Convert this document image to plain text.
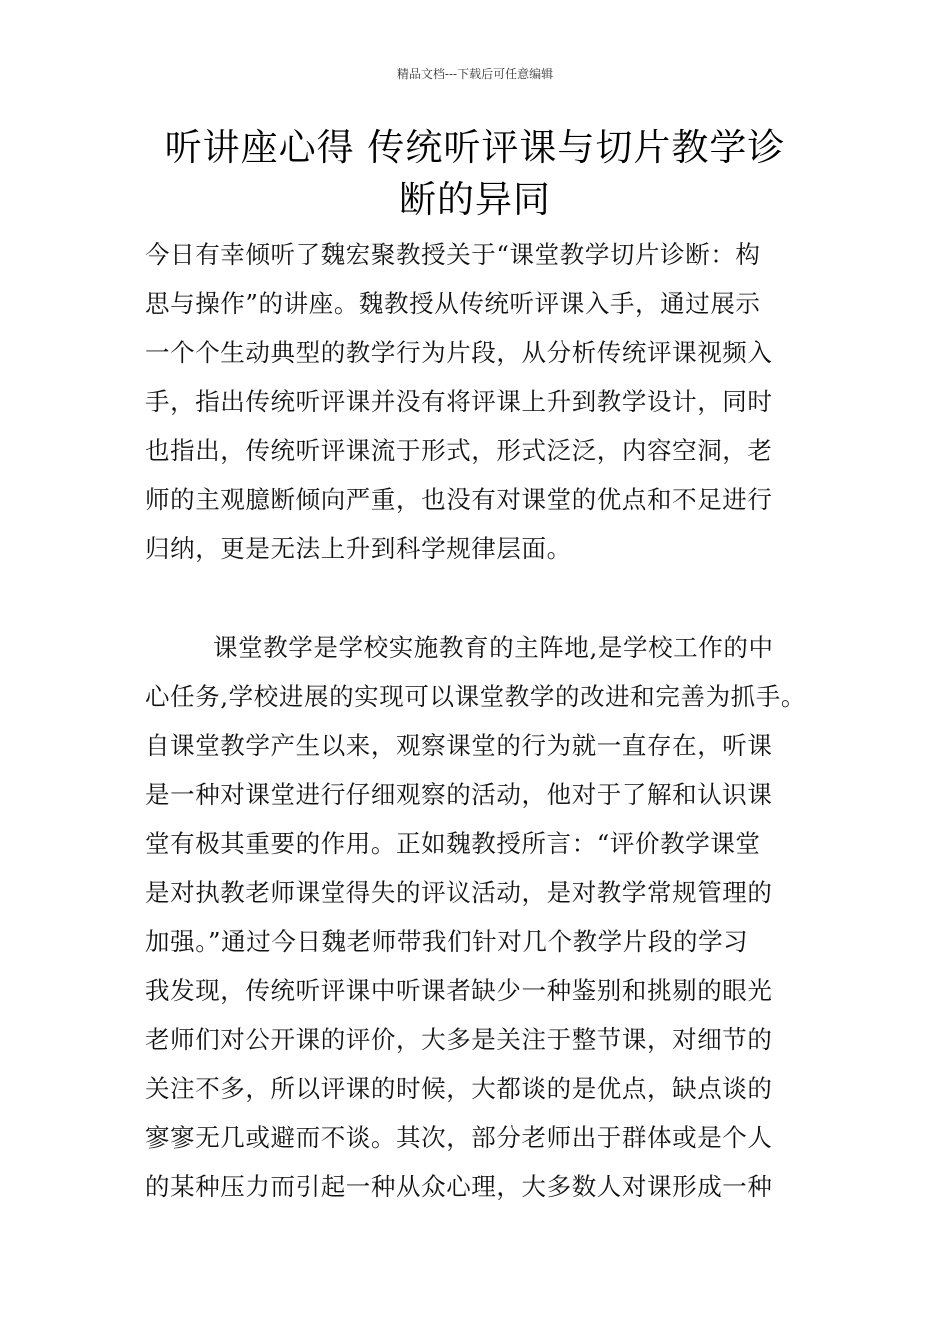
精品文档---下载后可任意编辑
听讲座心得 传统听评课与切片教学诊
断的异同
今日有幸倾听了魏宏聚教授关于“课堂教学切片诊断：构
思与操作”的讲座。魏教授从传统听评课入手，通过展示
一个个生动典型的教学行为片段，从分析传统评课视频入
手，指出传统听评课并没有将评课上升到教学设计，同时
也指出，传统听评课流于形式，形式泛泛，内容空洞，老
师的主观臆断倾向严重，也没有对课堂的优点和不足进行
归纳，更是无法上升到科学规律层面。
课堂教学是学校实施教育的主阵地,是学校工作的中
心任务,学校进展的实现可以课堂教学的改进和完善为抓手。
自课堂教学产生以来，观察课堂的行为就一直存在，听课
是一种对课堂进行仔细观察的活动，他对于了解和认识课
堂有极其重要的作用。正如魏教授所言：“评价教学课堂
是对执教老师课堂得失的评议活动，是对教学常规管理的
加强。”通过今日魏老师带我们针对几个教学片段的学习
我发现，传统听评课中听课者缺少一种鉴别和挑剔的眼光
老师们对公开课的评价，大多是关注于整节课，对细节的
关注不多，所以评课的时候，大都谈的是优点，缺点谈的
寥寥无几或避而不谈。其次，部分老师出于群体或是个人
的某种压力而引起一种从众心理，大多数人对课形成一种
